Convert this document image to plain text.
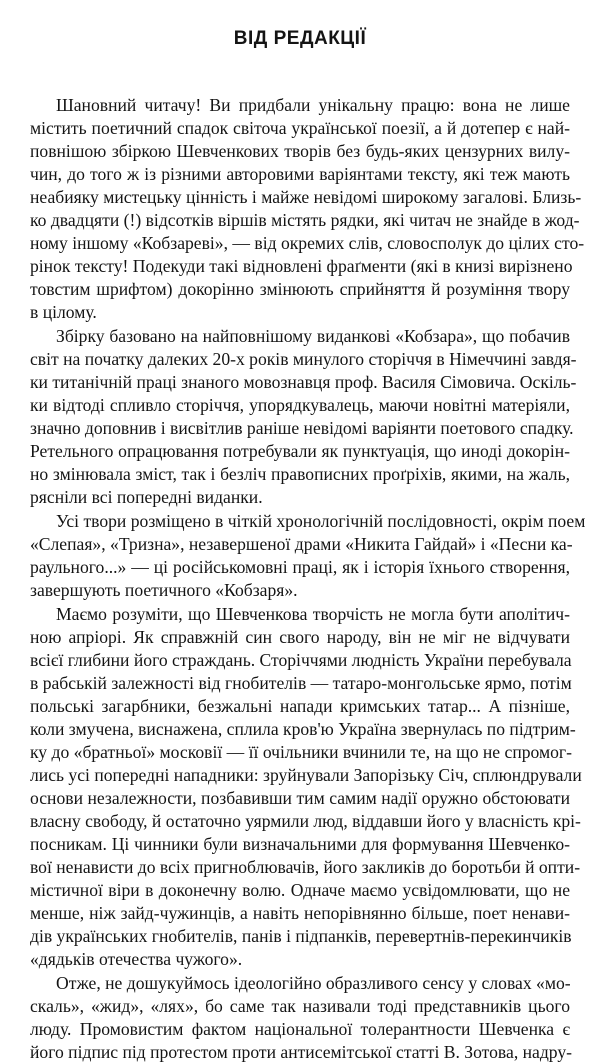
ВІД РЕДАКЦІЇ
Шановний читачу! Ви придбали унікальну працю: вона не лише
містить поетичний спадок світоча української поезії, а й дотепер є най-
повнішою збіркою Шевченкових творів без будь-яких цензурних вилу-
чин, до того ж із різними авторовими варіянтами тексту, які теж мають
неабияку мистецьку цінність і майже невідомі широкому загалові. Близь-
ко двадцяти (!) відсотків віршів містять рядки, які читач не знайде в жод-
ному іншому «Кобзареві», — від окремих слів, словосполук до цілих сто-
рінок тексту! Подекуди такі відновлені фраґменти (які в книзі вирізнено
товстим шрифтом) докорінно змінюють сприйняття й розуміння твору
в цілому.
Збірку базовано на найповнішому виданкові «Кобзара», що побачив
світ на початку далеких 20-х років минулого сторіччя в Німеччині завдя-
ки титанічній праці знаного мовознавця проф. Василя Сімовича. Оскіль-
ки відтоді спливло сторіччя, упорядкувалець, маючи новітні матеріяли,
значно доповнив і висвітлив раніше невідомі варіянти поетового спадку.
Ретельного опрацювання потребували як пунктуація, що иноді докорін-
но змінювала зміст, так і безліч правописних проґріхів, якими, на жаль,
рясніли всі попередні виданки.
Усі твори розміщено в чіткій хронологічній послідовності, окрім поем
«Слепая», «Тризна», незавершеної драми «Никита Гайдай» і «Песни ка-
раульного...» — ці російськомовні праці, як і історія їхнього створення,
завершують поетичного «Кобзаря».
Маємо розуміти, що Шевченкова творчість не могла бути аполітич-
ною апріорі. Як справжній син свого народу, він не міг не відчувати
всієї глибини його страждань. Сторіччями людність України перебувала
в рабській залежності від гнобителів — татаро-монгольське ярмо, потім
польські загарбники, безжальні напади кримських татар... А пізніше,
коли змучена, виснажена, сплила кров'ю Україна звернулась по підтрим-
ку до «братньої» московії — її очільники вчинили те, на що не спромог-
лись усі попередні нападники: зруйнували Запорізьку Січ, сплюндрували
основи незалежности, позбавивши тим самим надії оружно обстоювати
власну свободу, й остаточно уярмили люд, віддавши його у власність крі-
посникам. Ці чинники були визначальними для формування Шевченко-
вої ненависти до всіх пригноблювачів, його закликів до боротьби й опти-
містичної віри в доконечну волю. Одначе маємо усвідомлювати, що не
менше, ніж зайд-чужинців, а навіть непорівнянно більше, поет ненави-
дів українських гнобителів, панів і підпанків, перевертнів-перекинчиків
«дядьків отечества чужого».
Отже, не дошукуймось ідеологійно образливого сенсу у словах «мо-
скаль», «жид», «лях», бо саме так називали тоді представників цього
люду. Промовистим фактом національної толерантности Шевченка є
його підпис під протестом проти антисемітської статті В. Зотова, надру-
